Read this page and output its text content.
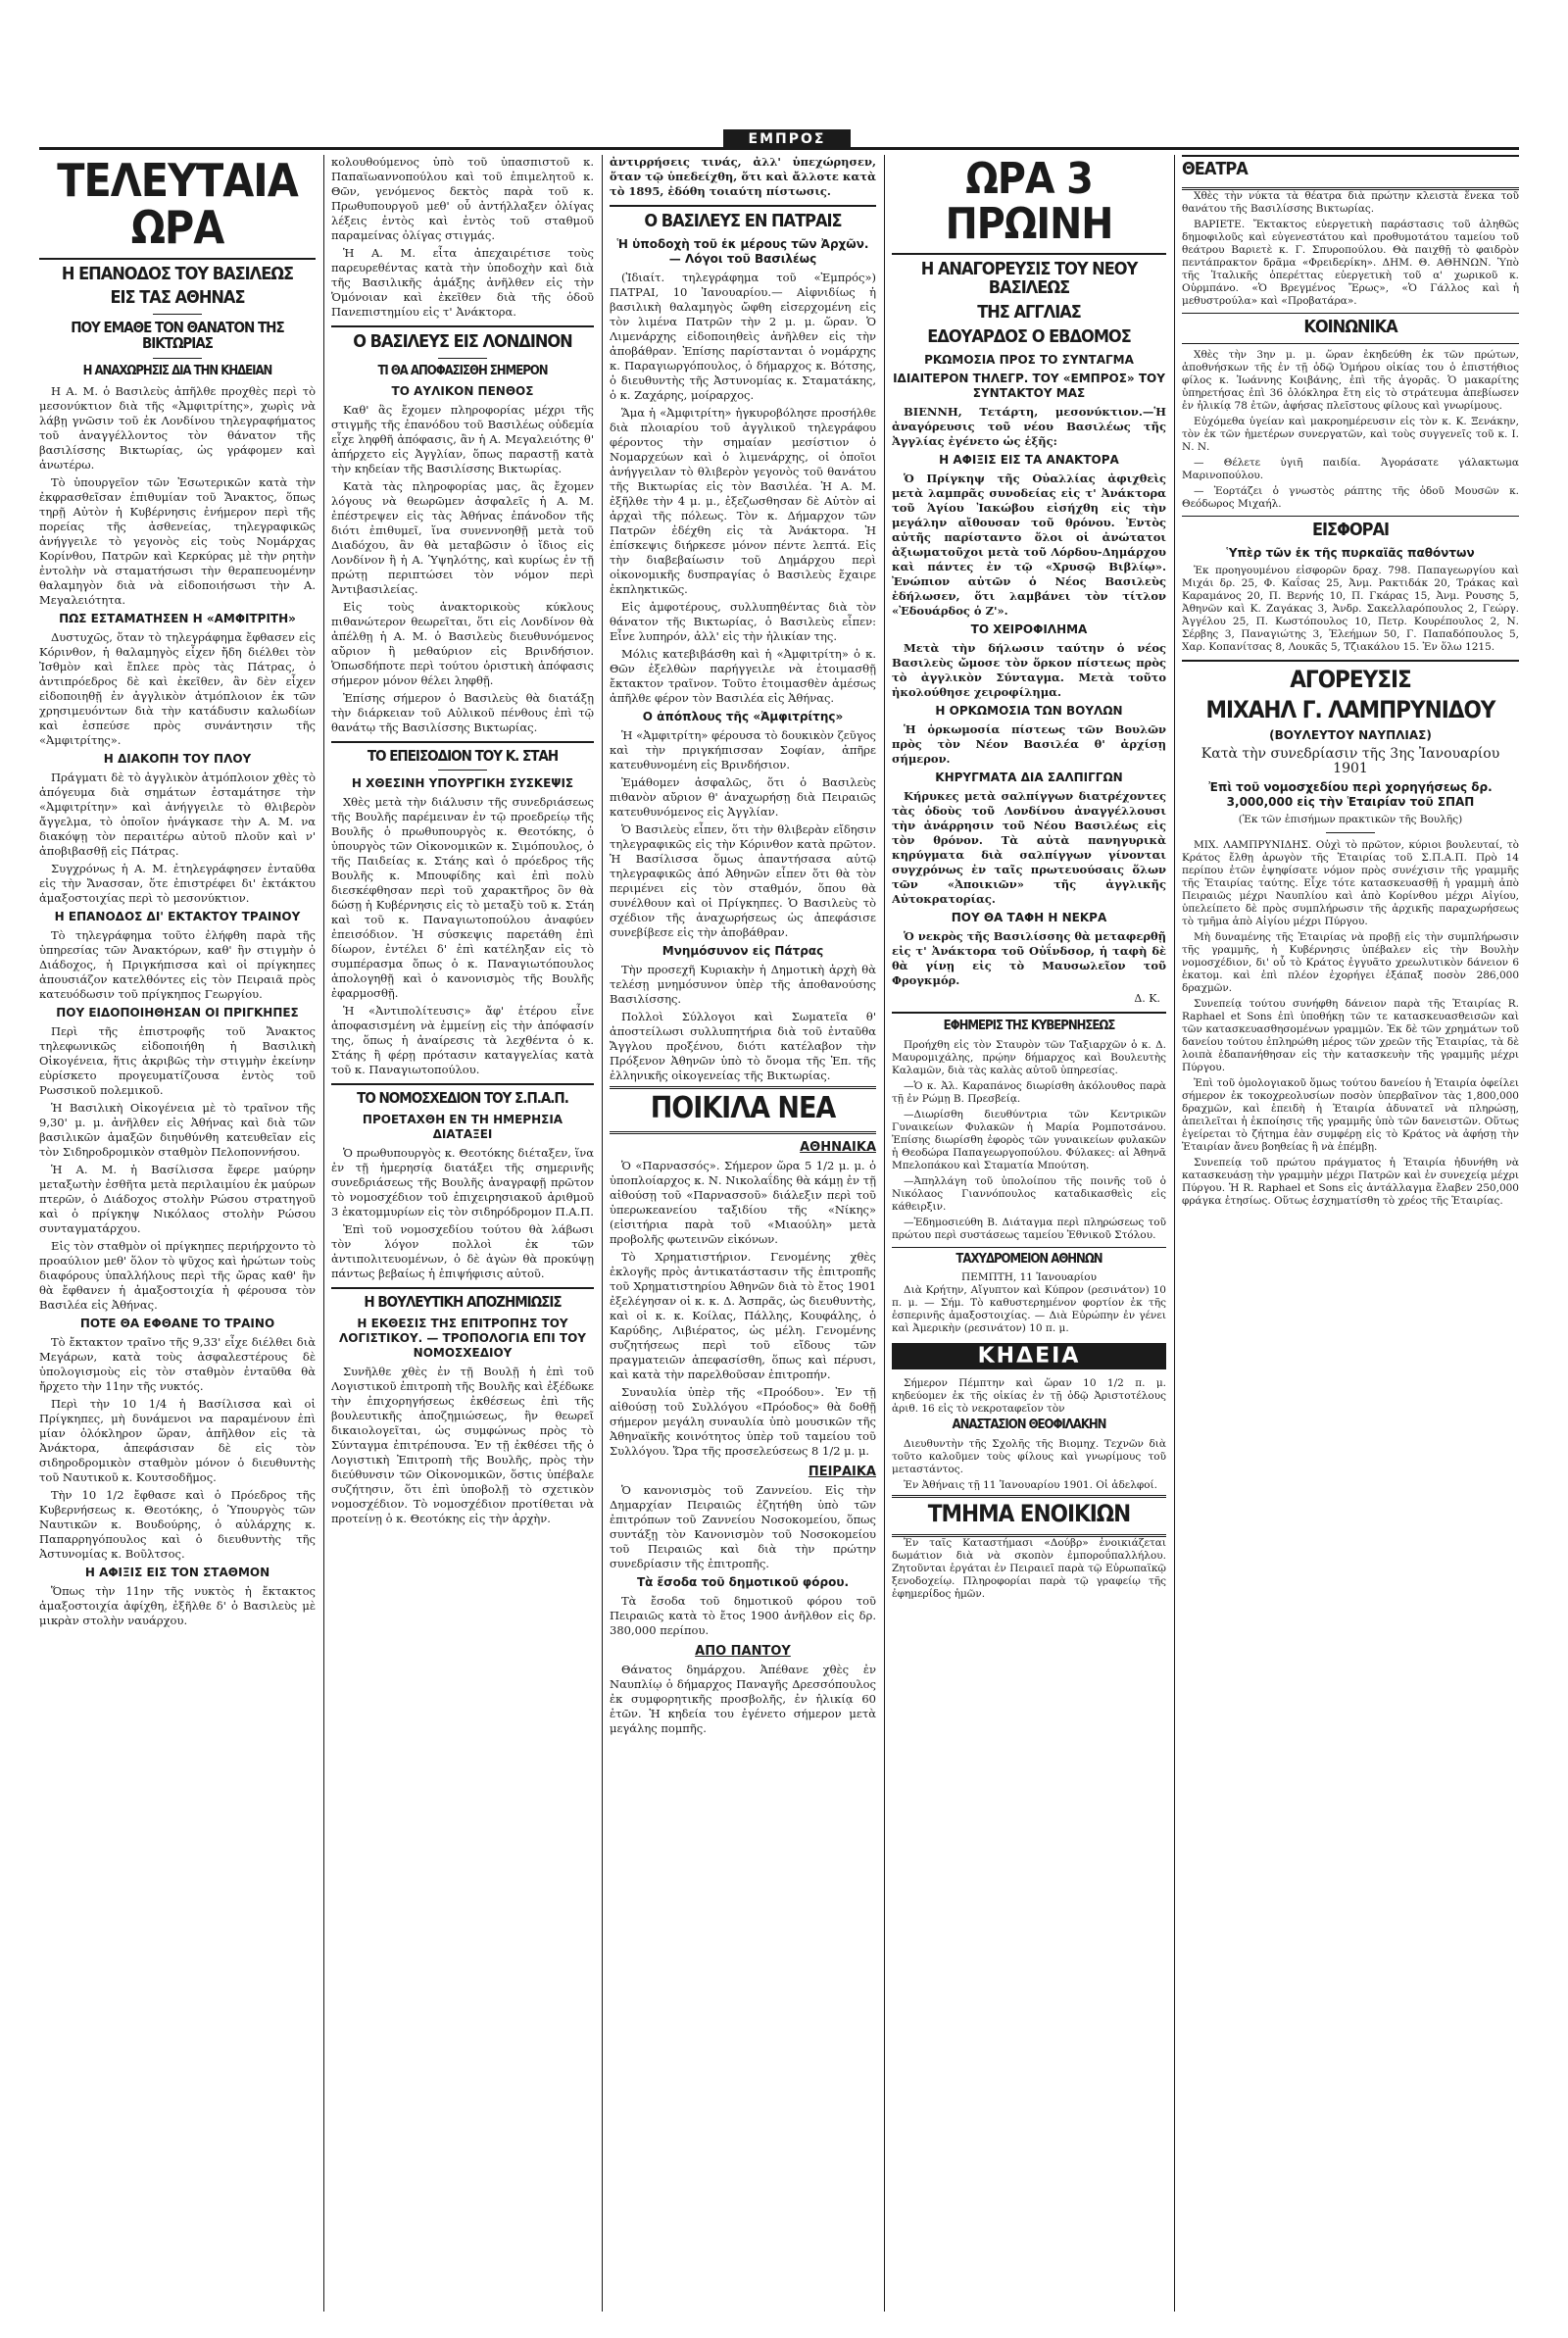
ΕΜΠΡΟΣ
ΤΕΛΕΥΤΑΙΑ ΩΡΑ
Η ΕΠΑΝΟΔΟΣ ΤΟΥ ΒΑΣΙΛΕΩΣ
ΕΙΣ ΤΑΣ ΑΘΗΝΑΣ
ΠΟΥ ΕΜΑΘΕ ΤΟΝ ΘΑΝΑΤΟΝ ΤΗΣ ΒΙΚΤΩΡΙΑΣ
Η ΑΝΑΧΩΡΗΣΙΣ ΔΙΑ ΤΗΝ ΚΗΔΕΙΑΝ

Η Α. Μ. ὁ Βασιλεὺς ἀπῆλθε προχθὲς περὶ τὸ μεσονύκτιον διὰ τῆς «Ἀμφιτρίτης», χωρὶς νὰ λάβῃ γνῶσιν τοῦ ἐκ Λονδίνου τηλεγραφήματος τοῦ ἀναγγέλλοντος τὸν θάνατον τῆς βασιλίσσης Βικτωρίας, ὡς γράφομεν καὶ ἀνωτέρω.

Τὸ ὑπουργεῖον τῶν Ἐσωτερικῶν κατὰ τὴν ἐκφρασθεῖσαν ἐπιθυμίαν τοῦ Ἄνακτος, ὅπως τηρῇ Αὐτὸν ἡ Κυβέρνησις ἐνήμερον περὶ τῆς πορείας τῆς ἀσθενείας, τηλεγραφικῶς ἀνήγγειλε τὸ γεγονὸς εἰς τοὺς Νομάρχας Κορίνθου, Πατρῶν καὶ Κερκύρας μὲ τὴν ρητὴν ἐντολὴν νὰ σταματήσωσι τὴν θεραπευομένην θαλαμηγὸν διὰ νὰ εἰδοποιήσωσι τὴν Α. Μεγαλειότητα.

ΠΩΣ ΕΣΤΑΜΑΤΗΣΕΝ Η «ΑΜΦΙΤΡΙΤΗ»

Δυστυχῶς, ὅταν τὸ τηλεγράφημα ἔφθασεν εἰς Κόρινθον, ἡ θαλαμηγὸς εἶχεν ἤδη διέλθει τὸν Ἰσθμὸν καὶ ἔπλεε πρὸς τὰς Πάτρας, ὁ ἀντιπρόεδρος δὲ καὶ ἐκεῖθεν, ἂν δὲν εἶχεν εἰδοποιηθῇ ἐν ἀγγλικὸν ἀτμόπλοιον ἐκ τῶν χρησιμευόντων διὰ τὴν κατάδυσιν καλωδίων καὶ ἐσπεύσε πρὸς συνάντησιν τῆς «Ἀμφιτρίτης».

Η ΔΙΑΚΟΠΗ ΤΟΥ ΠΛΟΥ

Πράγματι δὲ τὸ ἀγγλικὸν ἀτμόπλοιον χθὲς τὸ ἀπόγευμα διὰ σημάτων ἐσταμάτησε τὴν «Ἀμφιτρίτην» καὶ ἀνήγγειλε τὸ θλιβερὸν ἄγγελμα, τὸ ὁποῖον ἠνάγκασε τὴν Α. Μ. να διακόψῃ τὸν περαιτέρω αὐτοῦ πλοῦν καὶ ν' ἀποβιβασθῇ εἰς Πάτρας.

Συγχρόνως ἡ Α. Μ. ἐτηλεγράφησεν ἐνταῦθα εἰς τὴν Ἄνασσαν, ὅτε ἐπιστρέφει δι' ἐκτάκτου ἀμαξοστοιχίας περὶ τὸ μεσονύκτιον.

Η ΕΠΑΝΟΔΟΣ ΔΙ' ΕΚΤΑΚΤΟΥ ΤΡΑΙΝΟΥ

Τὸ τηλεγράφημα τοῦτο ἐλήφθη παρὰ τῆς ὑπηρεσίας τῶν Ἀνακτόρων, καθ' ἣν στιγμὴν ὁ Διάδοχος, ἡ Πριγκήπισσα καὶ οἱ πρίγκηπες ἀπουσιάζον κατελθόντες εἰς τὸν Πειραιᾶ πρὸς κατευόδωσιν τοῦ πρίγκηπος Γεωργίου.

ΠΟΥ ΕΙΔΟΠΟΙΗΘΗΣΑΝ ΟΙ ΠΡΙΓΚΗΠΕΣ

Περὶ τῆς ἐπιστροφῆς τοῦ Ἄνακτος τηλεφωνικῶς εἰδοποιήθη ἡ Βασιλικὴ Οἰκογένεια, ἥτις ἀκριβῶς τὴν στιγμὴν ἐκείνην εὑρίσκετο προγευματίζουσα ἐντὸς τοῦ Ρωσσικοῦ πολεμικοῦ.

Ἡ Βασιλικὴ Οἰκογένεια μὲ τὸ τραῖνον τῆς 9,30' μ. μ. ἀνῆλθεν εἰς Ἀθήνας καὶ διὰ τῶν βασιλικῶν ἁμαξῶν διηυθύνθη κατευθεῖαν εἰς τὸν Σιδηροδρομικὸν σταθμὸν Πελοποννήσου.

Ἡ Α. Μ. ἡ Βασίλισσα ἔφερε μαύρην μεταξωτὴν ἐσθῆτα μετὰ περιλαιμίου ἐκ μαύρων πτερῶν, ὁ Διάδοχος στολὴν Ρώσου στρατηγοῦ καὶ ὁ πρίγκηψ Νικόλαος στολὴν Ρώσου συνταγματάρχου.

Εἰς τὸν σταθμὸν οἱ πρίγκηπες περιήρχοντο τὸ προαύλιον μεθ' ὅλον τὸ ψῦχος καὶ ἠρώτων τοὺς διαφόρους ὑπαλλήλους περὶ τῆς ὥρας καθ' ἣν θὰ ἔφθανεν ἡ ἀμαξοστοιχία ἡ φέρουσα τὸν Βασιλέα εἰς Ἀθήνας.

ΠΟΤΕ ΘΑ ΕΦΘΑΝΕ ΤΟ ΤΡΑΙΝΟ

Τὸ ἔκτακτον τραῖνο τῆς 9,33' εἶχε διέλθει διὰ Μεγάρων, κατὰ τοὺς ἀσφαλεστέρους δὲ ὑπολογισμοὺς εἰς τὸν σταθμὸν ἐνταῦθα θὰ ἤρχετο τὴν 11ην τῆς νυκτός.

Περὶ τὴν 10 1/4 ἡ Βασίλισσα καὶ οἱ Πρίγκηπες, μὴ δυνάμενοι να παραμένουν ἐπὶ μίαν ὁλόκληρον ὥραν, ἀπῆλθον εἰς τὰ Ἀνάκτορα, ἀπεφάσισαν δὲ εἰς τὸν σιδηροδρομικὸν σταθμὸν μόνον ὁ διευθυντὴς τοῦ Ναυτικοῦ κ. Κουτσοδῆμος.

Τὴν 10 1/2 ἔφθασε καὶ ὁ Πρόεδρος τῆς Κυβερνήσεως κ. Θεοτόκης, ὁ Ὑπουργὸς τῶν Ναυτικῶν κ. Βουδούρης, ὁ αὐλάρχης κ. Παπαρρηγόπουλος καὶ ὁ διευθυντὴς τῆς Ἀστυνομίας κ. Βοῦλτσος.

Η ΑΦΙΞΙΣ ΕΙΣ ΤΟΝ ΣΤΑΘΜΟΝ

Ὅπως τὴν 11ην τῆς νυκτὸς ἡ ἔκτακτος ἀμαξοστοιχία ἀφίχθη, ἐξῆλθε δ' ὁ Βασιλεὺς μὲ μικρὰν στολὴν ναυάρχου.

κολουθούμενος ὑπὸ τοῦ ὑπασπιστοῦ κ. Παπαϊωαννοπούλου καὶ τοῦ ἐπιμελητοῦ κ. Θῶν, γενόμενος δεκτὸς παρὰ τοῦ κ. Πρωθυπουργοῦ μεθ' οὗ ἀντήλλαξεν ὀλίγας λέξεις ἐντὸς καὶ ἐντὸς τοῦ σταθμοῦ παραμείνας ὀλίγας στιγμάς.

Ἡ Α. Μ. εἶτα ἀπεχαιρέτισε τοὺς παρευρεθέντας κατὰ τὴν ὑποδοχὴν καὶ διὰ τῆς Βασιλικῆς ἁμάξης ἀνῆλθεν εἰς τὴν Ὁμόνοιαν καὶ ἐκεῖθεν διὰ τῆς ὁδοῦ Πανεπιστημίου εἰς τ' Ἀνάκτορα.

Ο ΒΑΣΙΛΕΥΣ ΕΙΣ ΛΟΝΔΙΝΟΝ
ΤΙ ΘΑ ΑΠΟΦΑΣΙΣΘΗ ΣΗΜΕΡΟΝ
ΤΟ ΑΥΛΙΚΟΝ ΠΕΝΘΟΣ

Καθ' ἃς ἔχομεν πληροφορίας μέχρι τῆς στιγμῆς τῆς ἐπανόδου τοῦ Βασιλέως οὐδεμία εἶχε ληφθῆ ἀπόφασις, ἂν ἡ Α. Μεγαλειότης θ' ἀπήρχετο εἰς Ἀγγλίαν, ὅπως παραστῇ κατὰ τὴν κηδείαν τῆς Βασιλίσσης Βικτωρίας.

Κατὰ τὰς πληροφορίας μας, ἃς ἔχομεν λόγους νὰ θεωρῶμεν ἀσφαλεῖς ἡ Α. Μ. ἐπέστρεψεν εἰς τὰς Ἀθήνας ἐπάνοδον τῆς διότι ἐπιθυμεῖ, ἵνα συνεννοηθῇ μετὰ τοῦ Διαδόχου, ἂν θὰ μεταβῶσιν ὁ ἴδιος εἰς Λονδίνον ἢ ἡ Α. Ὑψηλότης, καὶ κυρίως ἐν τῇ πρώτῃ περιπτώσει τὸν νόμον περὶ Ἀντιβασιλείας.

Εἰς τοὺς ἀνακτορικοὺς κύκλους πιθανώτερον θεωρεῖται, ὅτι εἰς Λονδίνον θὰ ἀπέλθῃ ἡ Α. Μ. ὁ Βασιλεὺς διευθυνόμενος αὔριον ἢ μεθαύριον εἰς Βρινδήσιον. Ὁπωσδήποτε περὶ τούτου ὁριστικὴ ἀπόφασις σήμερον μόνον θέλει ληφθῇ.

Ἐπίσης σήμερον ὁ Βασιλεὺς θὰ διατάξῃ τὴν διάρκειαν τοῦ Αὐλικοῦ πένθους ἐπὶ τῷ θανάτῳ τῆς Βασιλίσσης Βικτωρίας.

ΤΟ ΕΠΕΙΣΟΔΙΟΝ ΤΟΥ Κ. ΣΤΑΗ
Η ΧΘΕΣΙΝΗ ΥΠΟΥΡΓΙΚΗ ΣΥΣΚΕΨΙΣ

Χθὲς μετὰ τὴν διάλυσιν τῆς συνεδριάσεως τῆς Βουλῆς παρέμειναν ἐν τῷ προεδρείῳ τῆς Βουλῆς ὁ πρωθυπουργὸς κ. Θεοτόκης, ὁ ὑπουργὸς τῶν Οἰκονομικῶν κ. Σιμόπουλος, ὁ τῆς Παιδείας κ. Στάης καὶ ὁ πρόεδρος τῆς Βουλῆς κ. Μπουφίδης καὶ ἐπὶ πολὺ διεσκέφθησαν περὶ τοῦ χαρακτῆρος ὃν θὰ δώσῃ ἡ Κυβέρνησις εἰς τὸ μεταξὺ τοῦ κ. Στάη καὶ τοῦ κ. Παναγιωτοπούλου ἀναφύεν ἐπεισόδιον. Ἡ σύσκεψις παρετάθη ἐπὶ δίωρον, ἐντέλει δ' ἐπὶ κατέληξαν εἰς τὸ συμπέρασμα ὅπως ὁ κ. Παναγιωτόπουλος ἀπολογηθῇ καὶ ὁ κανονισμὸς τῆς Βουλῆς ἐφαρμοσθῇ.

Ἡ «Ἀντιπολίτευσις» ἄφ' ἑτέρου εἶνε ἀποφασισμένη νὰ ἐμμείνῃ εἰς τὴν ἀπόφασίν της, ὅπως ἡ ἀναίρεσις τὰ λεχθέντα ὁ κ. Στάης ἢ φέρῃ πρότασιν καταγγελίας κατὰ τοῦ κ. Παναγιωτοπούλου.

ΤΟ ΝΟΜΟΣΧΕΔΙΟΝ ΤΟΥ Σ.Π.Α.Π.
ΠΡΟΕΤΑΧΘΗ ΕΝ ΤΗ ΗΜΕΡΗΣΙΑ ΔΙΑΤΑΞΕΙ

Ὁ πρωθυπουργὸς κ. Θεοτόκης διέταξεν, ἵνα ἐν τῇ ἡμερησίᾳ διατάξει τῆς σημερινῆς συνεδριάσεως τῆς Βουλῆς ἀναγραφῇ πρῶτον τὸ νομοσχέδιον τοῦ ἐπιχειρησιακοῦ ἀριθμοῦ 3 ἐκατομμυρίων εἰς τὸν σιδηρόδρομον Π.Α.Π.

Ἐπὶ τοῦ νομοσχεδίου τούτου θὰ λάβωσι τὸν λόγον πολλοὶ ἐκ τῶν ἀντιπολιτευομένων, ὁ δὲ ἀγὼν θὰ προκύψῃ πάντως βεβαίως ἡ ἐπιψήφισις αὐτοῦ.

Η ΒΟΥΛΕΥΤΙΚΗ ΑΠΟΖΗΜΙΩΣΙΣ
Η ΕΚΘΕΣΙΣ ΤΗΣ ΕΠΙΤΡΟΠΗΣ ΤΟΥ ΛΟΓΙΣΤΙΚΟΥ. — ΤΡΟΠΟΛΟΓΙΑ ΕΠΙ ΤΟΥ ΝΟΜΟΣΧΕΔΙΟΥ

Συνῆλθε χθὲς ἐν τῇ Βουλῇ ἡ ἐπὶ τοῦ Λογιστικοῦ ἐπιτροπὴ τῆς Βουλῆς καὶ ἐξέδωκε τὴν ἐπιχορηγήσεως ἐκθέσεως ἐπὶ τῆς βουλευτικῆς ἀποζημιώσεως, ἣν θεωρεῖ δικαιολογεῖται, ὡς συμφώνως πρὸς τὸ Σύνταγμα ἐπιτρέπουσα. Ἐν τῇ ἐκθέσει τῆς ὁ Λογιστικὴ Ἐπιτροπὴ τῆς Βουλῆς, πρὸς τὴν διεύθυνσιν τῶν Οἰκονομικῶν, ὅστις ὑπέβαλε συζήτησιν, ὅτι ἐπὶ ὑποβολῇ τὸ σχετικὸν νομοσχέδιον. Τὸ νομοσχέδιον προτίθεται νὰ προτείνῃ ὁ κ. Θεοτόκης εἰς τὴν ἀρχὴν.

ἀντιρρήσεις τινάς, ἀλλ' ὑπεχώρησεν, ὅταν τῷ ὑπεδείχθη, ὅτι καὶ ἄλλοτε κατὰ τὸ 1895, ἐδόθη τοιαύτη πίστωσις.

Ο ΒΑΣΙΛΕΥΣ ΕΝ ΠΑΤΡΑΙΣ
Ἡ ὑποδοχὴ τοῦ ἐκ μέρους τῶν Ἀρχῶν. — Λόγοι τοῦ Βασιλέως

(Ἰδιαίτ. τηλεγράφημα τοῦ «Ἐμπρός») ΠΑΤΡΑΙ, 10 Ἰανουαρίου.— Αἰφνιδίως ἡ βασιλικὴ θαλαμηγὸς ὤφθη εἰσερχομένη εἰς τὸν λιμένα Πατρῶν τὴν 2 μ. μ. ὥραν. Ὁ Λιμενάρχης εἰδοποιηθεὶς ἀνῆλθεν εἰς τὴν ἀποβάθραν. Ἐπίσης παρίστανται ὁ νομάρχης κ. Παραγιωργόπουλος, ὁ δήμαρχος κ. Βότσης, ὁ διευθυντὴς τῆς Ἀστυνομίας κ. Σταματάκης, ὁ κ. Ζαχάρης, μοίραρχος.

Ἅμα ἡ «Ἀμφιτρίτη» ἠγκυροβόλησε προσήλθε διὰ πλοιαρίου τοῦ ἀγγλικοῦ τηλεγράφου φέροντος τὴν σημαίαν μεσίστιον ὁ Νομαρχεύων καὶ ὁ λιμενάρχης, οἱ ὁποῖοι ἀνήγγειλαν τὸ θλιβερὸν γεγονὸς τοῦ θανάτου τῆς Βικτωρίας εἰς τὸν Βασιλέα. Ἡ Α. Μ. ἐξῆλθε τὴν 4 μ. μ., ἐξεζωσθησαν δὲ Αὐτὸν αἱ ἀρχαὶ τῆς πόλεως. Τὸν κ. Δήμαρχον τῶν Πατρῶν ἐδέχθη εἰς τὰ Ἀνάκτορα. Ἡ ἐπίσκεψις διήρκεσε μόνον πέντε λεπτά. Εἰς τὴν διαβεβαίωσιν τοῦ Δημάρχου περὶ οἰκονομικῆς δυσπραγίας ὁ Βασιλεὺς ἔχαιρε ἐκπληκτικῶς.

Εἰς ἀμφοτέρους, συλλυπηθέντας διὰ τὸν θάνατον τῆς Βικτωρίας, ὁ Βασιλεὺς εἶπεν: Εἶνε λυπηρόν, ἀλλ' εἰς τὴν ἡλικίαν της.

Μόλις κατεβιβάσθη καὶ ἡ «Ἀμφιτρίτη» ὁ κ. Θῶν ἐξελθὼν παρήγγειλε νὰ ἑτοιμασθῇ ἔκτακτον τραῖνον. Τοῦτο ἑτοιμασθὲν ἀμέσως ἀπῆλθε φέρον τὸν Βασιλέα εἰς Ἀθήνας.

Ο ἀπόπλους τῆς «Ἀμφιτρίτης»

Ἡ «Ἀμφιτρίτη» φέρουσα τὸ δουκικὸν ζεῦγος καὶ τὴν πριγκήπισσαν Σοφίαν, ἀπῆρε κατευθυνομένη εἰς Βρινδήσιον.

Ἐμάθομεν ἀσφαλῶς, ὅτι ὁ Βασιλεὺς πιθανὸν αὔριον θ' ἀναχωρήσῃ διὰ Πειραιῶς κατευθυνόμενος εἰς Ἀγγλίαν.

Ὁ Βασιλεὺς εἶπεν, ὅτι τὴν θλιβερὰν εἴδησιν τηλεγραφικῶς εἰς τὴν Κόρινθον κατὰ πρῶτον. Ἡ Βασίλισσα ὅμως ἀπαντήσασα αὐτῷ τηλεγραφικῶς ἀπό Ἀθηνῶν εἶπεν ὅτι θὰ τὸν περιμένει εἰς τὸν σταθμόν, ὅπου θὰ συνέλθουν καὶ οἱ Πρίγκηπες. Ὁ Βασιλεὺς τὸ σχέδιον τῆς ἀναχωρήσεως ὡς ἀπεφάσισε συνεβίβεσε εἰς τὴν ἀποβάθραν.

Μνημόσυνον εἰς Πάτρας

Τὴν προσεχῆ Κυριακὴν ἡ Δημοτικὴ ἀρχὴ θὰ τελέσῃ μνημόσυνον ὑπὲρ τῆς ἀποθανούσης Βασιλίσσης.

Πολλοὶ Σύλλογοι καὶ Σωματεῖα θ' ἀποστείλωσι συλλυπητήρια διὰ τοῦ ἐνταῦθα Ἄγγλου προξένου, διότι κατέλαβον τὴν Πρόξενον Ἀθηνῶν ὑπὸ τὸ ὄνομα τῆς Ἐπ. τῆς ἐλληνικῆς οἰκογενείας τῆς Βικτωρίας.

ΠΟΙΚΙΛΑ ΝΕΑ
ΑΘΗΝΑΙΚΑ

Ὁ «Παρνασσός». Σήμερον ὥρα 5 1/2 μ. μ. ὁ ὑποπλοίαρχος κ. Ν. Νικολαΐδης θὰ κάμῃ ἐν τῇ αἰθούσῃ τοῦ «Παρνασσοῦ» διάλεξιν περὶ τοῦ ὑπερωκεανείου ταξιδίου τῆς «Νίκης» (εἰσιτήρια παρὰ τοῦ «Μιαούλη» μετὰ προβολῆς φωτεινῶν εἰκόνων.

Τὸ Χρηματιστήριον. Γενομένης χθὲς ἐκλογῆς πρὸς ἀντικατάστασιν τῆς ἐπιτροπῆς τοῦ Χρηματιστηρίου Ἀθηνῶν διὰ τὸ ἔτος 1901 ἐξελέγησαν οἱ κ. κ. Δ. Ἀσπρᾶς, ὡς διευθυντὴς, καὶ οἱ κ. κ. Κοίλας, Πάλλης, Κουφάλης, ὁ Καρύδης, Λιβιέρατος, ὡς μέλη. Γενομένης συζητήσεως περὶ τοῦ εἴδους τῶν πραγματειῶν ἀπεφασίσθη, ὅπως καὶ πέρυσι, καὶ κατὰ τὴν παρελθοῦσαν ἐπιτροπήν.

Συναυλία ὑπὲρ τῆς «Προόδου». Ἐν τῇ αἰθούσῃ τοῦ Συλλόγου «Πρόοδος» θὰ δοθῇ σήμερον μεγάλη συναυλία ὑπὸ μουσικῶν τῆς Ἀθηναϊκῆς κοινότητος ὑπὲρ τοῦ ταμείου τοῦ Συλλόγου. Ὥρα τῆς προσελεύσεως 8 1/2 μ. μ.

ΠΕΙΡΑΙΚΑ

Ὁ κανονισμὸς τοῦ Ζαννείου. Εἰς τὴν Δημαρχίαν Πειραιῶς ἐζητήθη ὑπὸ τῶν ἐπιτρόπων τοῦ Ζαννείου Νοσοκομείου, ὅπως συντάξῃ τὸν Κανονισμὸν τοῦ Νοσοκομείου τοῦ Πειραιῶς καὶ διὰ τὴν πρώτην συνεδρίασιν τῆς ἐπιτροπῆς.

Τὰ ἔσοδα τοῦ δημοτικοῦ φόρου.

Τὰ ἔσοδα τοῦ δημοτικοῦ φόρου τοῦ Πειραιῶς κατὰ τὸ ἔτος 1900 ἀνῆλθον εἰς δρ. 380,000 περίπου.

ΑΠΟ ΠΑΝΤΟΥ

Θάνατος δημάρχου. Ἀπέθανε χθὲς ἐν Ναυπλίῳ ὁ δήμαρχος Παναγῆς Δρεσσόπουλος ἐκ συμφορητικῆς προσβολῆς, ἐν ἡλικίᾳ 60 ἐτῶν. Ἡ κηδεία του ἐγένετο σήμερον μετὰ μεγάλης πομπῆς.

ΩΡΑ 3 ΠΡΩΙΝΗ
Η ΑΝΑΓΟΡΕΥΣΙΣ ΤΟΥ ΝΕΟΥ ΒΑΣΙΛΕΩΣ
ΤΗΣ ΑΓΓΛΙΑΣ
ΕΔΟΥΑΡΔΟΣ Ο ΕΒΔΟΜΟΣ
ΡΚΩΜΟΣΙΑ ΠΡΟΣ ΤΟ ΣΥΝΤΑΓΜΑ
ΙΔΙΑΙΤΕΡΟΝ ΤΗΛΕΓΡ. ΤΟΥ «ΕΜΠΡΟΣ» ΤΟΥ ΣΥΝΤΑΚΤΟΥ ΜΑΣ

ΒΙΕΝΝΗ, Τετάρτη, μεσονύκτιον.—Ἡ ἀναγόρευσις τοῦ νέου Βασιλέως τῆς Ἀγγλίας ἐγένετο ὡς ἑξῆς:

Η ΑΦΙΞΙΣ ΕΙΣ ΤΑ ΑΝΑΚΤΟΡΑ

Ὁ Πρίγκηψ τῆς Οὐαλλίας ἀφιχθεὶς μετὰ λαμπρᾶς συνοδείας εἰς τ' Ἀνάκτορα τοῦ Ἁγίου Ἰακώβου εἰσήχθη εἰς τὴν μεγάλην αἴθουσαν τοῦ θρόνου. Ἐντὸς αὐτῆς παρίσταντο ὅλοι οἱ ἀνώτατοι ἀξιωματοῦχοι μετὰ τοῦ Λόρδου-Δημάρχου καὶ πάντες ἐν τῷ «Χρυσῷ Βιβλίῳ». Ἐνώπιον αὐτῶν ὁ Νέος Βασιλεὺς ἐδήλωσεν, ὅτι λαμβάνει τὸν τίτλον «Ἐδουάρδος ὁ Ζ'».

ΤΟ ΧΕΙΡΟΦΙΛΗΜΑ

Μετὰ τὴν δήλωσιν ταύτην ὁ νέος Βασιλεὺς ὤμοσε τὸν ὅρκον πίστεως πρὸς τὸ ἀγγλικὸν Σύνταγμα. Μετὰ τοῦτο ἠκολούθησε χειροφίλημα.

Η ΟΡΚΩΜΟΣΙΑ ΤΩΝ ΒΟΥΛΩΝ

Ἡ ὁρκωμοσία πίστεως τῶν Βουλῶν πρὸς τὸν Νέον Βασιλέα θ' ἀρχίσῃ σήμερον.

ΚΗΡΥΓΜΑΤΑ ΔΙΑ ΣΑΛΠΙΓΓΩΝ

Κήρυκες μετὰ σαλπίγγων διατρέχοντες τὰς ὁδοὺς τοῦ Λονδίνου ἀναγγέλλουσι τὴν ἀνάρρησιν τοῦ Νέου Βασιλέως εἰς τὸν θρόνον. Τὰ αὐτὰ πανηγυρικὰ κηρύγματα διὰ σαλπίγγων γίνονται συγχρόνως ἐν ταῖς πρωτευούσαις ὅλων τῶν «Ἀποικιῶν» τῆς ἀγγλικῆς Αὐτοκρατορίας.

ΠΟΥ ΘΑ ΤΑΦΗ Η ΝΕΚΡΑ

Ὁ νεκρὸς τῆς Βασιλίσσης θὰ μεταφερθῇ εἰς τ' Ἀνάκτορα τοῦ Οὐΐνδσορ, ἡ ταφὴ δὲ θὰ γίνῃ εἰς τὸ Μαυσωλεῖον τοῦ Φρογκμόρ.

Δ. Κ.
ΕΦΗΜΕΡΙΣ ΤΗΣ ΚΥΒΕΡΝΗΣΕΩΣ

Προήχθη εἰς τὸν Σταυρὸν τῶν Ταξιαρχῶν ὁ κ. Δ. Μαυρομιχάλης, πρῴην δήμαρχος καὶ Βουλευτὴς Καλαμῶν, διὰ τὰς καλὰς αὐτοῦ ὑπηρεσίας.

—Ὁ κ. Ἀλ. Καραπάνος διωρίσθη ἀκόλουθος παρὰ τῇ ἐν Ρώμῃ Β. Πρεσβείᾳ.

—Διωρίσθη διευθύντρια τῶν Κεντρικῶν Γυναικείων Φυλακῶν ἡ Μαρία Ρομποτσάνου. Ἐπίσης διωρίσθη ἐφορὸς τῶν γυναικείων φυλακῶν ἡ Θεοδώρα Παπαγεωργοπούλου. Φύλακες: αἱ Ἀθηνᾶ Μπελοπάκου καὶ Σταματία Μπούτση.

—Ἀπηλλάγη τοῦ ὑπολοίπου τῆς ποινῆς τοῦ ὁ Νικόλαος Γιαννόπουλος καταδικασθεὶς εἰς κάθειρξιν.

—Ἐδημοσιεύθη Β. Διάταγμα περὶ πληρώσεως τοῦ πρώτου περὶ συστάσεως ταμείου Ἐθνικοῦ Στόλου.

ΤΑΧΥΔΡΟΜΕΙΟΝ ΑΘΗΝΩΝ
ΠΕΜΠΤΗ, 11 Ἰανουαρίου

Διὰ Κρήτην, Αἴγυπτον καὶ Κύπρον (ρεσινάτον) 10 π. μ. — Σήμ. Τὸ καθυστερημένον φορτίον ἐκ τῆς ἐσπερινῆς ἀμαξοστοιχίας. — Διὰ Εὐρώπην ἐν γένει καὶ Ἀμερικὴν (ρεσινάτον) 10 π. μ.

ΚΗΔΕΙΑ

Σήμερον Πέμπτην καὶ ὥραν 10 1/2 π. μ. κηδεύομεν ἐκ τῆς οἰκίας ἐν τῇ ὁδῷ Ἀριστοτέλους ἀριθ. 16 εἰς τὸ νεκροταφεῖον τὸν

ΑΝΑΣΤΑΣΙΟΝ ΘΕΟΦΙΛΑΚΗΝ

Διευθυντὴν τῆς Σχολῆς τῆς Βιομηχ. Τεχνῶν διὰ τοῦτο καλοῦμεν τοὺς φίλους καὶ γνωρίμους τοῦ μεταστάντος.

Ἐν Ἀθήναις τῇ 11 Ἰανουαρίου 1901. Οἱ ἀδελφοί.

ΤΜΗΜΑ ΕΝΟΙΚΙΩΝ

Ἐν ταῖς Καταστήμασι «Δούβρ» ἐνοικιάζεται δωμάτιον διὰ νὰ σκοπὸν ἐμποροΰπαλλήλου. Ζητοῦνται ἐργάται ἐν Πειραιεῖ παρὰ τῷ Εὐρωπαϊκῷ ξενοδοχείῳ. Πληροφορίαι παρὰ τῷ γραφείῳ τῆς ἐφημερίδος ἡμῶν.

ΘΕΑΤΡΑ

Χθὲς τὴν νύκτα τὰ θέατρα διὰ πρώτην κλειστὰ ἕνεκα τοῦ θανάτου τῆς Βασιλίσσης Βικτωρίας.

ΒΑΡΙΕΤΕ. Ἔκτακτος εὐεργετικὴ παράστασις τοῦ ἀληθῶς δημοφιλοῦς καὶ εὐγενεστάτου καὶ προθυμοτάτου ταμείου τοῦ θεάτρου Βαριετὲ κ. Γ. Σπυροπούλου. Θὰ παιχθῇ τὸ φαιδρὸν πεντάπρακτον δρᾶμα «Φρειδερίκη». ΔΗΜ. Θ. ΑΘΗΝΩΝ. Ὑπὸ τῆς Ἰταλικῆς ὀπερέττας εὐεργετικὴ τοῦ α' χωρικοῦ κ. Οὑρμπάνο. «Ὁ Βρεγμένος Ἔρως», «Ὁ Γάλλος καὶ ἡ μεθυστρούλα» καὶ «Προβατάρα».

ΚΟΙΝΩΝΙΚΑ

Χθὲς τὴν 3ην μ. μ. ὥραν ἐκηδεύθη ἐκ τῶν πρώτων, ἀποθνήσκων τῆς ἐν τῇ ὁδῷ Ὁμήρου οἰκίας του ὁ ἐπιστήθιος φίλος κ. Ἰωάννης Κοιβάνης, ἐπὶ τῆς ἀγορᾶς. Ὁ μακαρίτης ὑπηρετήσας ἐπὶ 36 ὁλόκληρα ἔτη εἰς τὸ στράτευμα ἀπεβίωσεν ἐν ἡλικίᾳ 78 ἐτῶν, ἀφήσας πλεῖστους φίλους καὶ γνωρίμους.

Εὐχόμεθα ὑγείαν καὶ μακροημέρευσιν εἰς τὸν κ. Κ. Ξενάκην, τὸν ἐκ τῶν ἡμετέρων συνεργατῶν, καὶ τοὺς συγγενεῖς τοῦ κ. Ι. Ν. Ν.

— Θέλετε ὑγιῆ παιδία. Ἀγοράσατε γάλακτωμα Μαρινοπούλου.

— Ἑορτάζει ὁ γνωστὸς ράπτης τῆς ὁδοῦ Μουσῶν κ. Θεόδωρος Μιχαήλ.

ΕΙΣΦΟΡΑΙ
Ὑπὲρ τῶν ἐκ τῆς πυρκαϊᾶς παθόντων

Ἐκ προηγουμένου εἰσφορῶν δραχ. 798. Παπαγεωργίου καὶ Μιχάι δρ. 25, Φ. Καΐσας 25, Ἀνμ. Ρακτιδάκ 20, Τράκας καὶ Καραμάνος 20, Π. Βερνής 10, Π. Γκάρας 15, Ἀνμ. Ρουσης 5, Ἀθηνῶν καὶ Κ. Ζαγάκας 3, Ἀνδρ. Σακελλαρόπουλος 2, Γεώργ. Ἀγγέλου 25, Π. Κωστόπουλος 10, Πετρ. Κουρέπουλος 2, Ν. Σέρβης 3, Παναγιώτης 3, Ἐλεήμων 50, Γ. Παπαδόπουλος 5, Χαρ. Κοπανίτσας 8, Λουκᾶς 5, Τζιακάλου 15. Ἐν ὅλω 1215.

ΑΓΟΡΕΥΣΙΣ
ΜΙΧΑΗΛ Γ. ΛΑΜΠΡΥΝΙΔΟΥ
(ΒΟΥΛΕΥΤΟΥ ΝΑΥΠΛΙΑΣ)
Κατὰ τὴν συνεδρίασιν τῆς 3ης Ἰανουαρίου 1901
Ἐπὶ τοῦ νομοσχεδίου περὶ χορηγήσεως δρ. 3,000,000 εἰς τὴν Ἑταιρίαν τοῦ ΣΠΑΠ
(Ἐκ τῶν ἐπισήμων πρακτικῶν τῆς Βουλῆς)

ΜΙΧ. ΛΑΜΠΡΥΝΙΔΗΣ. Οὐχὶ τὸ πρῶτον, κύριοι βουλευταί, τὸ Κράτος ἔλθῃ ἀρωγὸν τῆς Ἑταιρίας τοῦ Σ.Π.Α.Π. Πρὸ 14 περίπου ἐτῶν ἐψηφίσατε νόμον πρὸς συνέχισιν τῆς γραμμῆς τῆς Ἑταιρίας ταύτης. Εἶχε τότε κατασκευασθῇ ἡ γραμμὴ ἀπὸ Πειραιῶς μέχρι Ναυπλίου καὶ ἀπὸ Κορίνθου μέχρι Αἰγίου, ὑπελείπετο δὲ πρὸς συμπλήρωσιν τῆς ἀρχικῆς παραχωρήσεως τὸ τμῆμα ἀπὸ Αἰγίου μέχρι Πύργου.

Μὴ δυναμένης τῆς Ἑταιρίας νὰ προβῇ εἰς τὴν συμπλήρωσιν τῆς γραμμῆς, ἡ Κυβέρνησις ὑπέβαλεν εἰς τὴν Βουλὴν νομοσχέδιον, δι' οὗ τὸ Κράτος ἐγγυᾶτο χρεωλυτικὸν δάνειον 6 ἑκατομ. καὶ ἐπὶ πλέον ἐχορήγει ἐξάπαξ ποσὸν 286,000 δραχμῶν.

Συνεπείᾳ τούτου συνήφθη δάνειον παρὰ τῆς Ἑταιρίας R. Raphael et Sons ἐπὶ ὑποθήκῃ τῶν τε κατασκευασθεισῶν καὶ τῶν κατασκευασθησομένων γραμμῶν. Ἐκ δὲ τῶν χρημάτων τοῦ δανείου τούτου ἐπληρώθη μέρος τῶν χρεῶν τῆς Ἑταιρίας, τὰ δὲ λοιπὰ ἐδαπανήθησαν εἰς τὴν κατασκευὴν τῆς γραμμῆς μέχρι Πύργου.

Ἐπὶ τοῦ ὁμολογιακοῦ ὅμως τούτου δανείου ἡ Ἑταιρία ὀφείλει σήμερον ἐκ τοκοχρεολυσίων ποσὸν ὑπερβαῖνον τὰς 1,800,000 δραχμῶν, καὶ ἐπειδὴ ἡ Ἑταιρία ἀδυνατεῖ νὰ πληρώσῃ, ἀπειλεῖται ἡ ἐκποίησις τῆς γραμμῆς ὑπὸ τῶν δανειστῶν. Οὕτως ἐγείρεται τὸ ζήτημα ἐὰν συμφέρῃ εἰς τὸ Κράτος νὰ ἀφήσῃ τὴν Ἑταιρίαν ἄνευ βοηθείας ἢ νὰ ἐπέμβῃ.

Συνεπείᾳ τοῦ πρώτου πράγματος ἡ Ἑταιρία ἠδυνήθη νὰ κατασκευάσῃ τὴν γραμμὴν μέχρι Πατρῶν καὶ ἐν συνεχείᾳ μέχρι Πύργου. Ἡ R. Raphael et Sons εἰς ἀντάλλαγμα ἔλαβεν 250,000 φράγκα ἐτησίως. Οὕτως ἐσχηματίσθη τὸ χρέος τῆς Ἑταιρίας.
